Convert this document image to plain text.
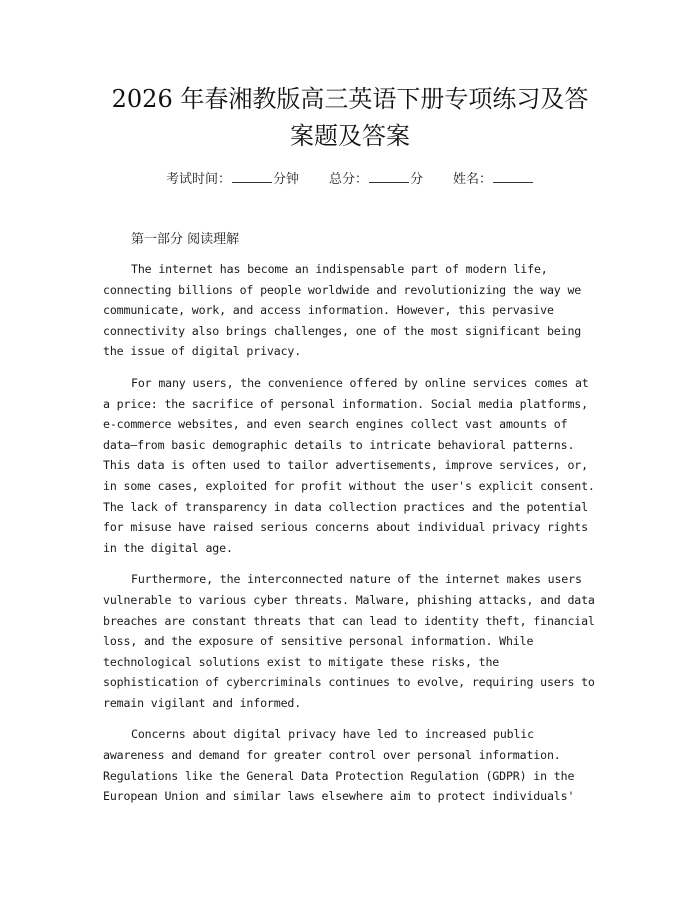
2026 年春湘教版高三英语下册专项练习及答
案题及答案
考试时间：	分钟 总分：	分 姓名：
第一部分 阅读理解

The internet has become an indispensable part of modern life,
connecting billions of people worldwide and revolutionizing the way we
communicate, work, and access information. However, this pervasive
connectivity also brings challenges, one of the most significant being
the issue of digital privacy.

For many users, the convenience offered by online services comes at
a price: the sacrifice of personal information. Social media platforms,
e-commerce websites, and even search engines collect vast amounts of
data—from basic demographic details to intricate behavioral patterns.
This data is often used to tailor advertisements, improve services, or,
in some cases, exploited for profit without the user's explicit consent.
The lack of transparency in data collection practices and the potential
for misuse have raised serious concerns about individual privacy rights
in the digital age.

Furthermore, the interconnected nature of the internet makes users
vulnerable to various cyber threats. Malware, phishing attacks, and data
breaches are constant threats that can lead to identity theft, financial
loss, and the exposure of sensitive personal information. While
technological solutions exist to mitigate these risks, the
sophistication of cybercriminals continues to evolve, requiring users to
remain vigilant and informed.

Concerns about digital privacy have led to increased public
awareness and demand for greater control over personal information.
Regulations like the General Data Protection Regulation (GDPR) in the
European Union and similar laws elsewhere aim to protect individuals'
